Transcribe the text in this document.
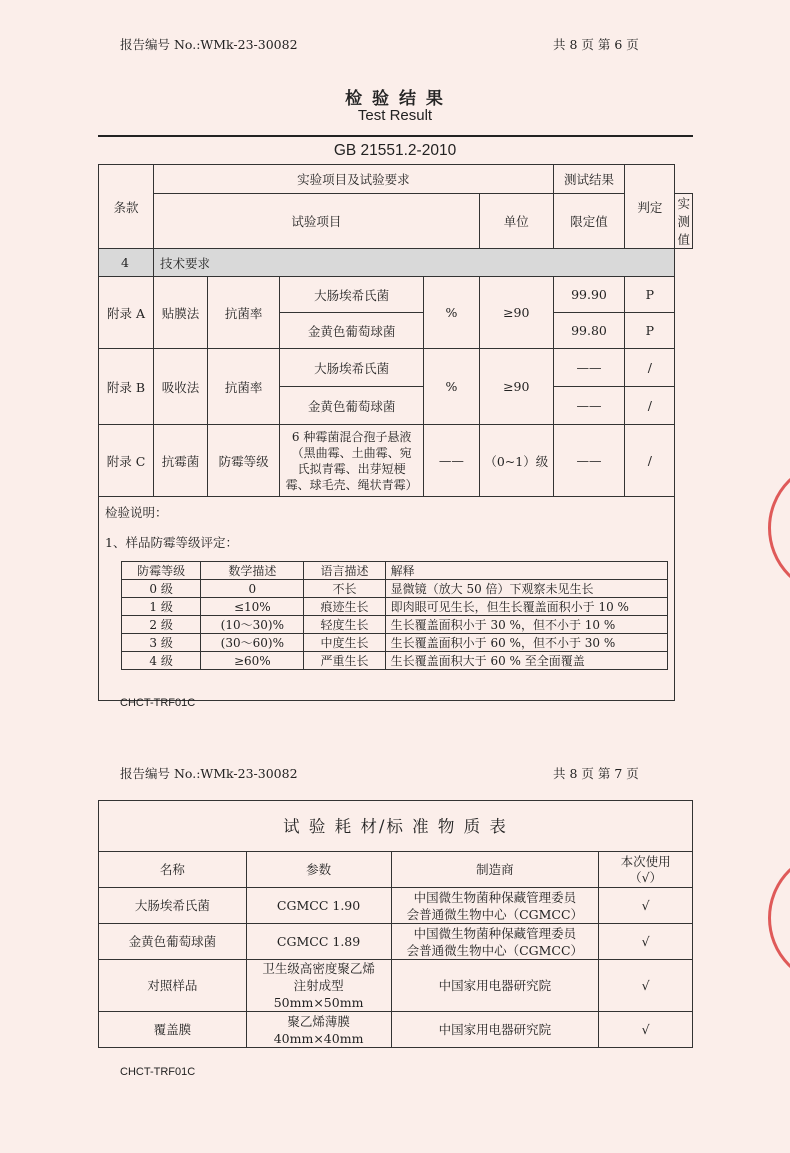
报告编号 No.:WMk-23-30082	共 8 页 第 6 页
检 验 结 果
Test Result
GB 21551.2-2010
条款	实验项目及试验要求	测试结果	判定
试验项目	单位	限定值	实测值
4	技术要求
附录 A	贴膜法	抗菌率	大肠埃希氏菌	%	≥90	99.90	P
金黄色葡萄球菌	99.80	P
附录 B	吸收法	抗菌率	大肠埃希氏菌	%	≥90	——	/
金黄色葡萄球菌	——	/
附录 C	抗霉菌	防霉等级	
6 种霉菌混合孢子悬液
（黑曲霉、土曲霉、宛
氏拟青霉、出芽短梗
霉、球毛壳、绳状青霉）
	——	（0~1）级	——	/

检验说明：
1、样品防霉等级评定：
防霉等级	数学描述	语言描述	解释
0 级	0	不长	显微镜（放大 50 倍）下观察未见生长
1 级	≤10%	痕迹生长	即肉眼可见生长，但生长覆盖面积小于 10 %
2 级	(10～30)%	轻度生长	生长覆盖面积小于 30 %，但不小于 10 %
3 级	(30～60)%	中度生长	生长覆盖面积小于 60 %，但不小于 30 %
4 级	≥60%	严重生长	生长覆盖面积大于 60 % 至全面覆盖
CHCT-TRF01C
报告编号 No.:WMk-23-30082	共 8 页 第 7 页
试 验 耗 材/标 准 物 质 表			
名称	参数	制造商	本次使用
（√）

大肠埃希氏菌	CGMCC 1.90	中国微生物菌种保藏管理委员
会普通微生物中心（CGMCC）	√

金黄色葡萄球菌	CGMCC 1.89	中国微生物菌种保藏管理委员
会普通微生物中心（CGMCC）	√

对照样品	卫生级高密度聚乙烯
注射成型
50mm×50mm	中国家用电器研究院	√

覆盖膜	聚乙烯薄膜
40mm×40mm	中国家用电器研究院	√
CHCT-TRF01C
